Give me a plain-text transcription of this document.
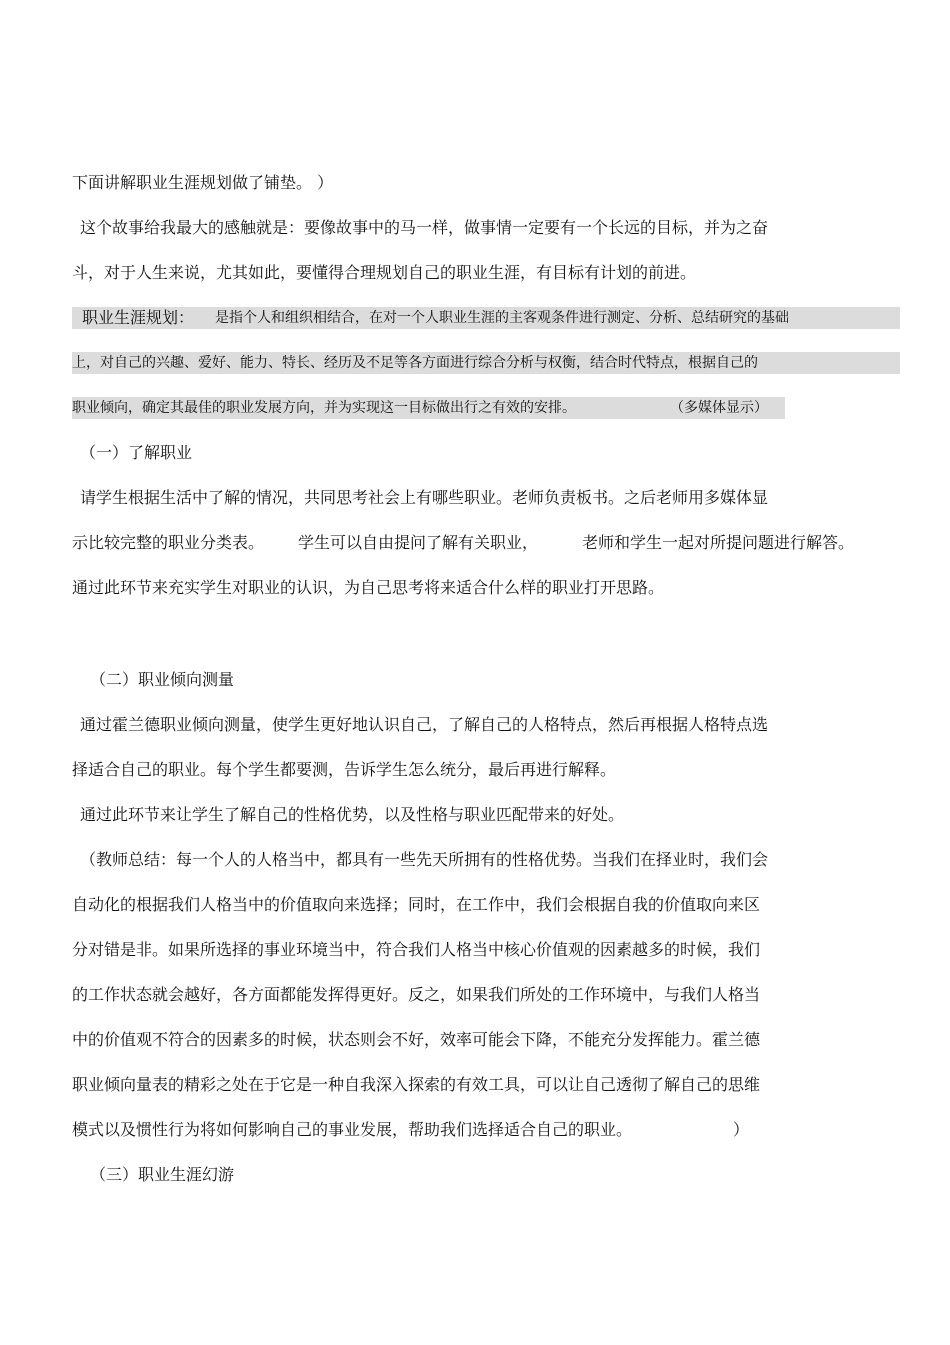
下面讲解职业生涯规划做了铺垫。 ）
这个故事给我最大的感触就是：要像故事中的马一样，做事情一定要有一个长远的目标，并为之奋
斗，对于人生来说，尤其如此，要懂得合理规划自己的职业生涯，有目标有计划的前进。
职业生涯规划： 是指个人和组织相结合，在对一个人职业生涯的主客观条件进行测定、分析、总结研究的基础
上，对自己的兴趣、爱好、能力、特长、经历及不足等各方面进行综合分析与权衡，结合时代特点，根据自己的
职业倾向，确定其最佳的职业发展方向，并为实现这一目标做出行之有效的安排。	（多媒体显示）
（一）了解职业
请学生根据生活中了解的情况，共同思考社会上有哪些职业。老师负责板书。之后老师用多媒体显
示比较完整的职业分类表。 学生可以自由提问了解有关职业，	老师和学生一起对所提问题进行解答。
通过此环节来充实学生对职业的认识，为自己思考将来适合什么样的职业打开思路。
（二）职业倾向测量
通过霍兰德职业倾向测量，使学生更好地认识自己，了解自己的人格特点，然后再根据人格特点选
择适合自己的职业。每个学生都要测，告诉学生怎么统分，最后再进行解释。
通过此环节来让学生了解自己的性格优势，以及性格与职业匹配带来的好处。
（教师总结：每一个人的人格当中，都具有一些先天所拥有的性格优势。当我们在择业时，我们会
自动化的根据我们人格当中的价值取向来选择；同时，在工作中，我们会根据自我的价值取向来区
分对错是非。如果所选择的事业环境当中，符合我们人格当中核心价值观的因素越多的时候，我们
的工作状态就会越好，各方面都能发挥得更好。反之，如果我们所处的工作环境中，与我们人格当
中的价值观不符合的因素多的时候，状态则会不好，效率可能会下降，不能充分发挥能力。霍兰德
职业倾向量表的精彩之处在于它是一种自我深入探索的有效工具，可以让自己透彻了解自己的思维
模式以及惯性行为将如何影响自己的事业发展，帮助我们选择适合自己的职业。	）
（三）职业生涯幻游
